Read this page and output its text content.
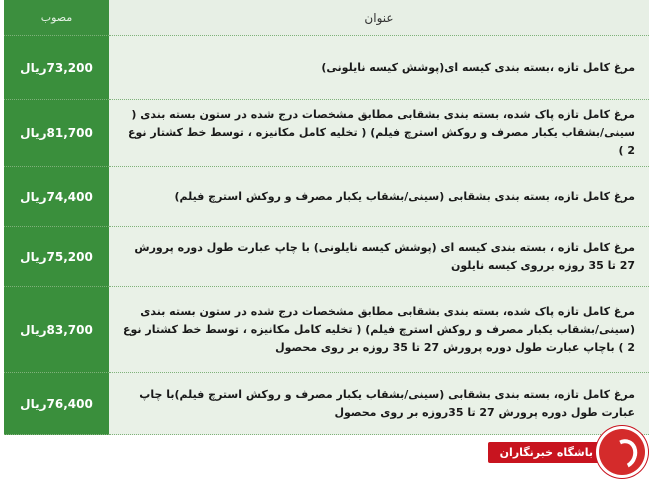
عنوان	مصوب
مرغ کامل تازه ،بسته بندی کیسه ای(پوشش کیسه نایلونی)	73,200ریال
مرغ کامل تازه پاک شده، بسته بندی بشقابی مطابق مشخصات درج شده در ستون بسته بندی ( سینی/بشقاب یکبار مصرف و روکش استرچ فیلم) ( تخلیه کامل مکانیزه ، توسط خط کشتار نوع 2 )	81,700ریال
مرغ کامل تازه، بسته بندی بشقابی (سینی/بشقاب یکبار مصرف و روکش استرچ فیلم)	74,400ریال
مرغ کامل تازه ، بسته بندی کیسه ای (پوشش کیسه نایلونی) با چاپ عبارت طول دوره پرورش 27 تا 35 روزه برروی کیسه نایلون	75,200ریال
مرغ کامل تازه پاک شده، بسته بندی بشقابی مطابق مشخصات درج شده در ستون بسته بندی (سینی/بشقاب یکبار مصرف و روکش استرچ فیلم) ( تخلیه کامل مکانیزه ، توسط خط کشتار نوع 2 ) باچاپ عبارت طول دوره پرورش 27 تا 35 روزه بر روی محصول	83,700ریال
مرغ کامل تازه، بسته بندی بشقابی (سینی/بشقاب یکبار مصرف و روکش استرچ فیلم)با چاپ عبارت طول دوره پرورش 27 تا 35روزه بر روی محصول	76,400ریال
باشگاه خبرنگاران
